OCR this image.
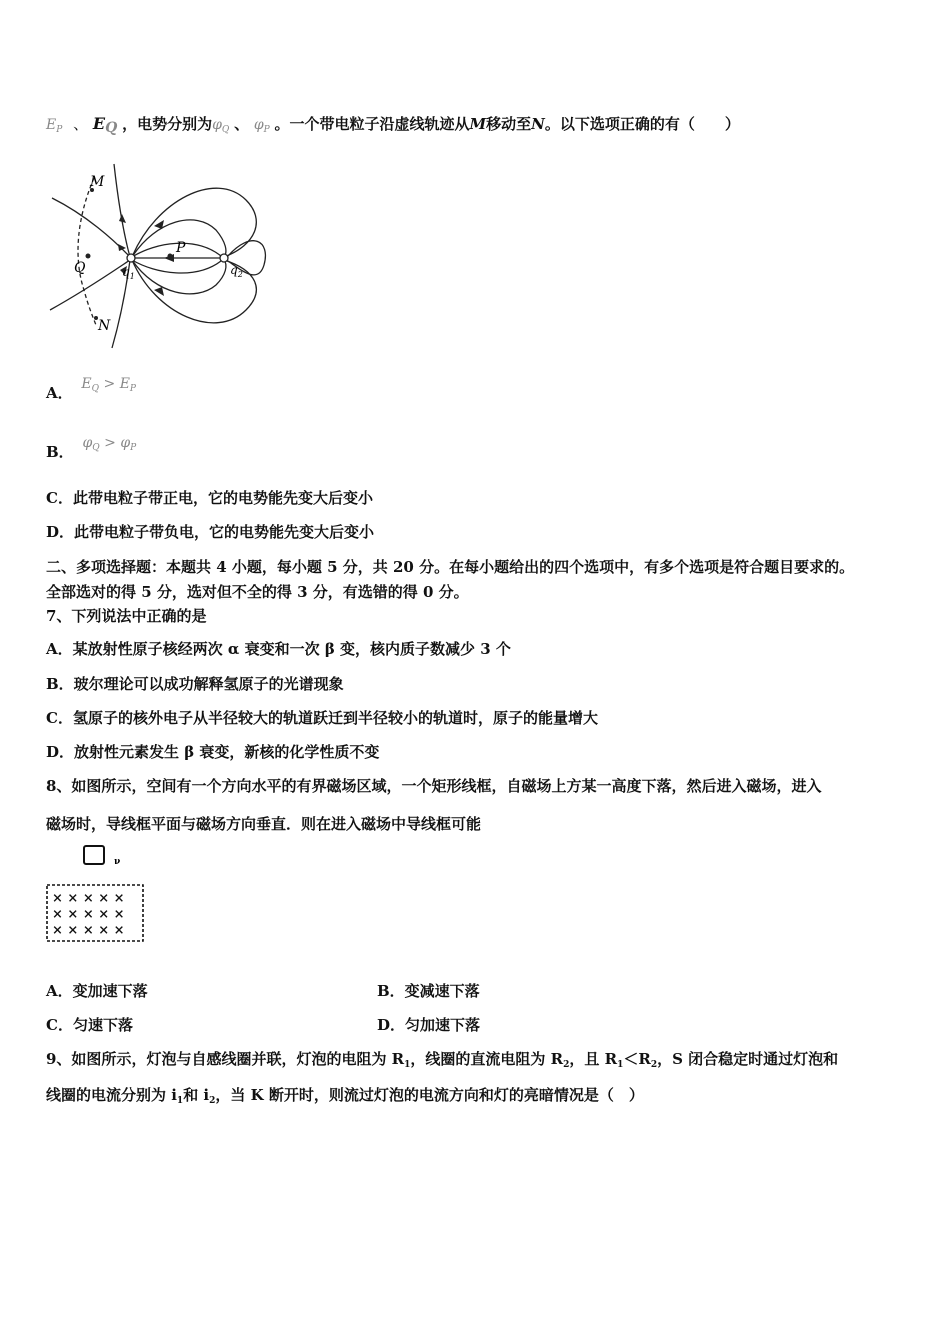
$E_P$ 、 EQ ，电势分别为$\varphi_Q$ 、 $\varphi_P$ 。一个带电粒子沿虚线轨迹从M移动至N。以下选项正确的有（　　）
M
Q	$q_1$
P
$q_2$
N
A． $E_Q > E_P$
B． $\varphi_Q > \varphi_P$
C．此带电粒子带正电，它的电势能先变大后变小
D．此带电粒子带负电，它的电势能先变大后变小
二、多项选择题：本题共 4 小题，每小题 5 分，共 20 分。在每小题给出的四个选项中，有多个选项是符合题目要求的。
全部选对的得 5 分，选对但不全的得 3 分，有选错的得 0 分。
7、下列说法中正确的是
A．某放射性原子核经两次 α 衰变和一次 β 变，核内质子数减少 3 个
B．玻尔理论可以成功解释氢原子的光谱现象
C．氢原子的核外电子从半径较大的轨道跃迁到半径较小的轨道时，原子的能量增大
D．放射性元素发生 β 衰变，新核的化学性质不变
8、如图所示，空间有一个方向水平的有界磁场区域，一个矩形线框，自磁场上方某一高度下落，然后进入磁场，进入
磁场时，导线框平面与磁场方向垂直．则在进入磁场中导线框可能
ν
× × × × ×
× × × × ×
× × × × ×
A．变加速下落	B．变减速下落
C．匀速下落	D．匀加速下落
9、如图所示，灯泡与自感线圈并联，灯泡的电阻为 $R_1$，线圈的直流电阻为 $R_2$，且 $R_1<R_2$，S 闭合稳定时通过灯泡和
线圈的电流分别为 $i_1$和 $i_2$，当 K 断开时，则流过灯泡的电流方向和灯的亮暗情况是（　）
